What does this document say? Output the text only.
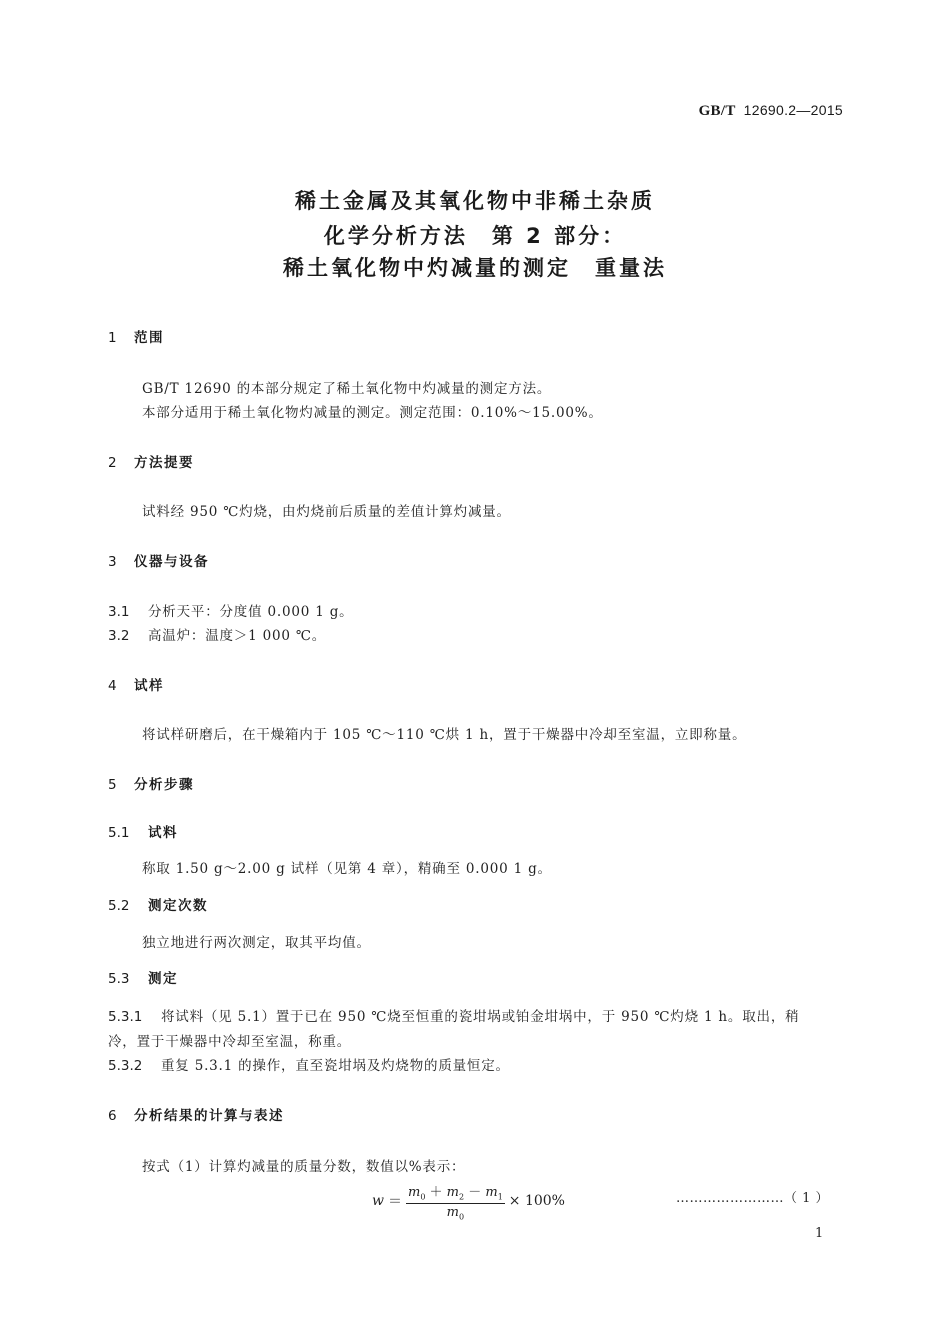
GB/T 12690.2—2015
稀土金属及其氧化物中非稀土杂质
化学分析方法　第 2 部分：
稀土氧化物中灼减量的测定　重量法
1 范围
GB/T 12690 的本部分规定了稀土氧化物中灼减量的测定方法。
本部分适用于稀土氧化物灼减量的测定。测定范围：0.10%～15.00%。
2 方法提要
试料经 950 ℃灼烧，由灼烧前后质量的差值计算灼减量。
3 仪器与设备
3.1 分析天平：分度值 0.000 1 g。
3.2 高温炉：温度＞1 000 ℃。
4 试样
将试样研磨后，在干燥箱内于 105 ℃～110 ℃烘 1 h，置于干燥器中冷却至室温，立即称量。
5 分析步骤
5.1 试料
称取 1.50 g～2.00 g 试样（见第 4 章），精确至 0.000 1 g。
5.2 测定次数
独立地进行两次测定，取其平均值。
5.3 测定
5.3.1 将试料（见 5.1）置于已在 950 ℃烧至恒重的瓷坩埚或铂金坩埚中，于 950 ℃灼烧 1 h。取出，稍
冷，置于干燥器中冷却至室温，称重。
5.3.2 重复 5.3.1 的操作，直至瓷坩埚及灼烧物的质量恒定。
6 分析结果的计算与表述
按式（1）计算灼减量的质量分数，数值以%表示：
$w = \frac{m_0 + m_2 - m_1}{m_0} \times 100\%$	……………………（ 1 ）
1
